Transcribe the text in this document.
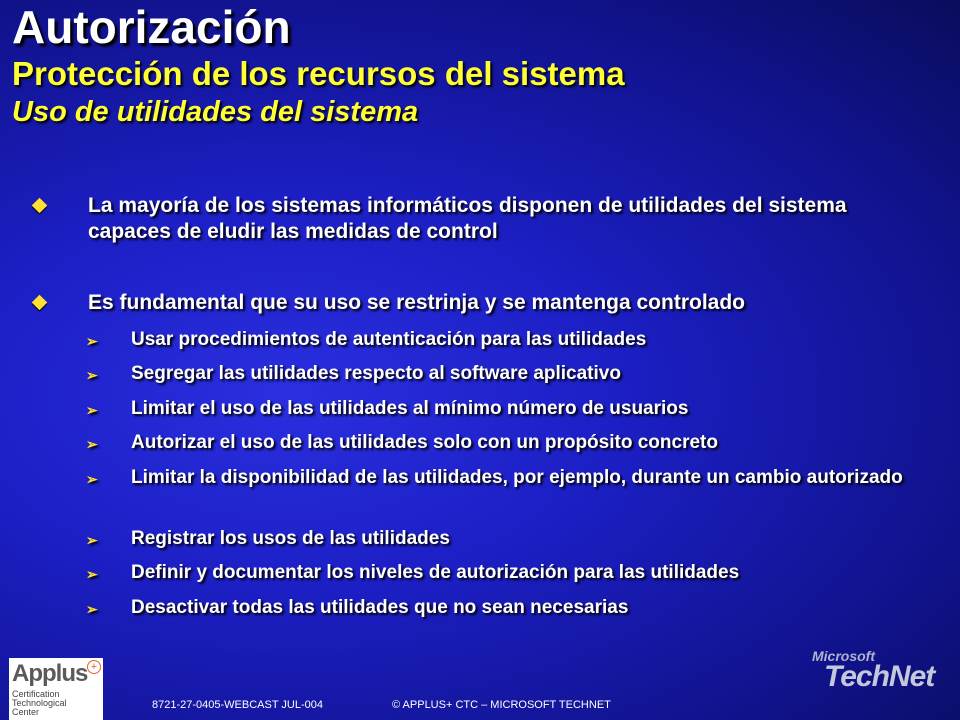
Autorización
Protección de los recursos del sistema
Uso de utilidades del sistema
La mayoría de los sistemas informáticos disponen de utilidades del sistema capaces de eludir las medidas de control
Es fundamental que su uso se restrinja y se mantenga controlado
➢ Usar procedimientos de autenticación para las utilidades
➢ Segregar las utilidades respecto al software aplicativo
➢ Limitar el uso de las utilidades al mínimo número de usuarios
➢ Autorizar el uso de las utilidades solo con un propósito concreto
➢ Limitar la disponibilidad de las utilidades, por ejemplo, durante un cambio autorizado
➢ Registrar los usos de las utilidades
➢ Definir y documentar los niveles de autorización para las utilidades
➢ Desactivar todas las utilidades que no sean necesarias
Applus +
Certification
Technological
Center
8721-27-0405-WEBCAST JUL-004	© APPLUS+ CTC – MICROSOFT TECHNET
Microsoft
TechNet
